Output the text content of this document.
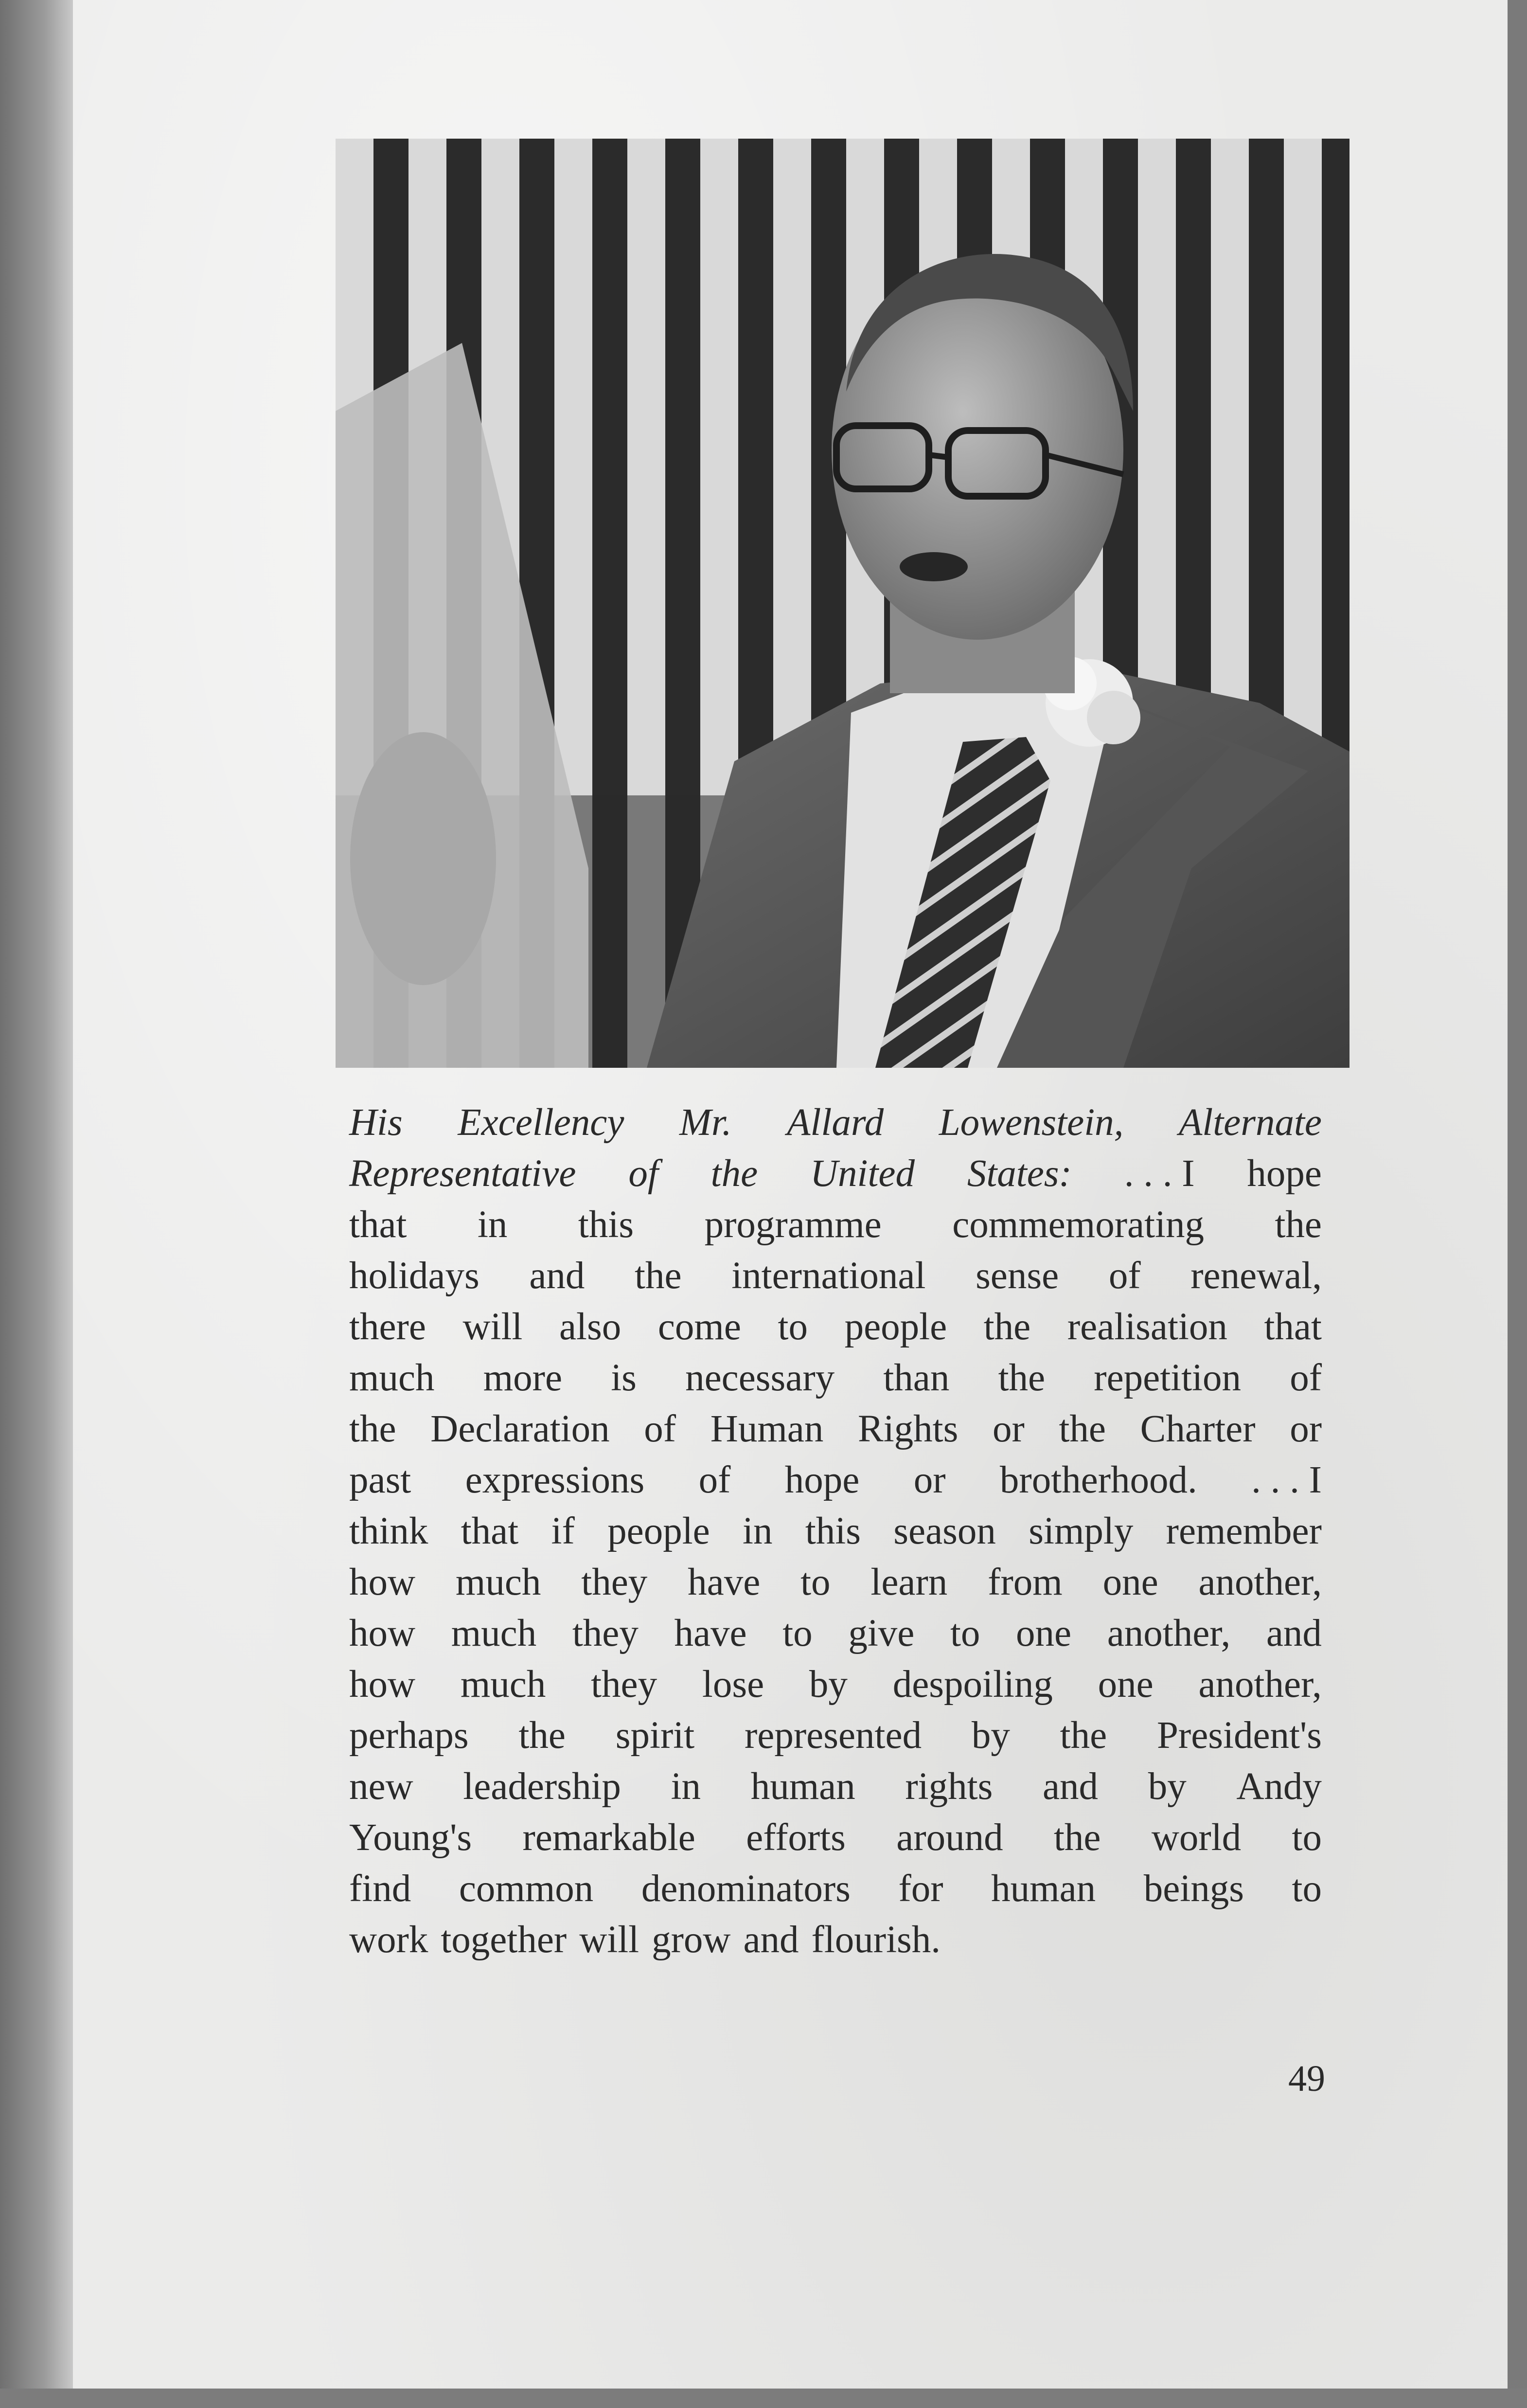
His Excellency Mr. Allard Lowenstein, Alternate
Representative of the United States: . . . I hope
that in this programme commemorating the
holidays and the international sense of renewal,
there will also come to people the realisation that
much more is necessary than the repetition of
the Declaration of Human Rights or the Charter or
past expressions of hope or brotherhood. . . . I
think that if people in this season simply remember
how much they have to learn from one another,
how much they have to give to one another, and
how much they lose by despoiling one another,
perhaps the spirit represented by the President's
new leadership in human rights and by Andy
Young's remarkable efforts around the world to
find common denominators for human beings to
work together will grow and flourish.
49
